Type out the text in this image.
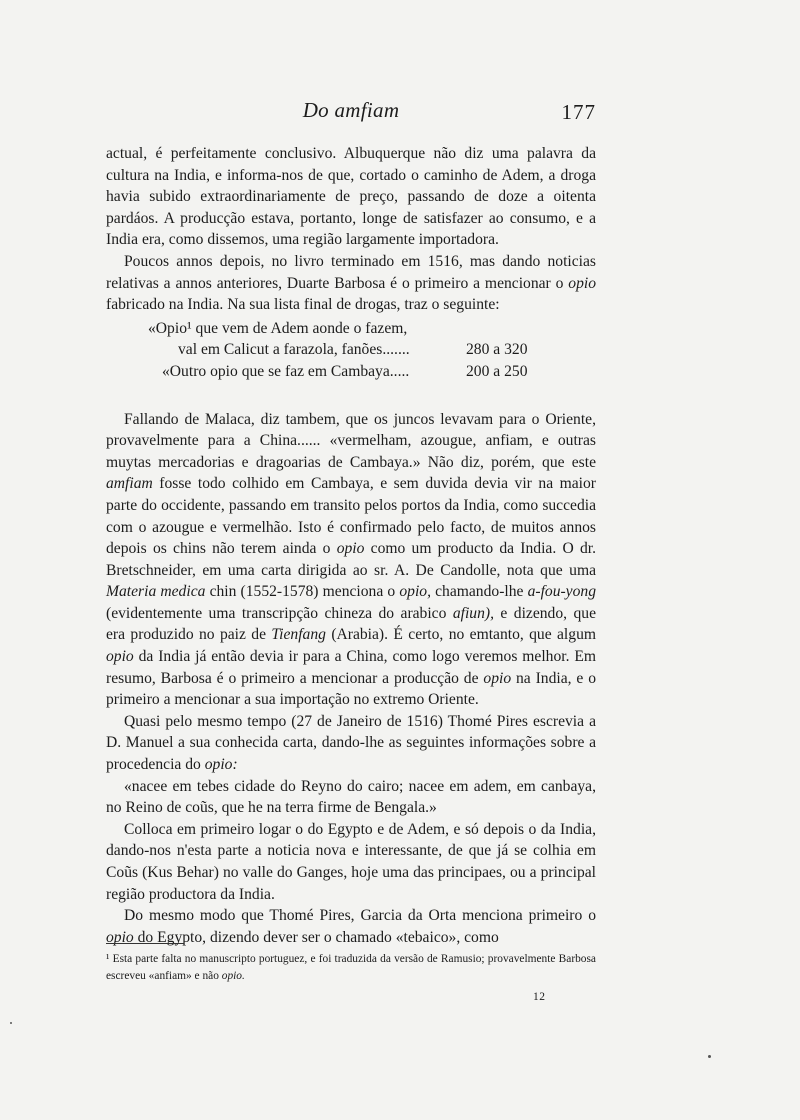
Do amfiam	177

actual, é perfeitamente conclusivo. Albuquerque não diz uma palavra da cultura na India, e informa-nos de que, cortado o caminho de Adem, a droga havia subido extraordinariamente de preço, passando de doze a oitenta pardáos. A producção estava, portanto, longe de satisfazer ao consumo, e a India era, como dissemos, uma região largamente importadora.

Poucos annos depois, no livro terminado em 1516, mas dando noticias relativas a annos anteriores, Duarte Barbosa é o primeiro a mencionar o opio fabricado na India. Na sua lista final de drogas, traz o seguinte:

«Opio¹ que vem de Adem aonde o fazem,
val em Calicut a farazola, fanões.......	280 a 320
«Outro opio que se faz em Cambaya.....	200 a 250

Fallando de Malaca, diz tambem, que os juncos levavam para o Oriente, provavelmente para a China...... «vermelham, azougue, anfiam, e outras muytas mercadorias e dragoarias de Cambaya.» Não diz, porém, que este amfiam fosse todo colhido em Cambaya, e sem duvida devia vir na maior parte do occidente, passando em transito pelos portos da India, como succedia com o azougue e vermelhão. Isto é confirmado pelo facto, de muitos annos depois os chins não terem ainda o opio como um producto da India. O dr. Bretschneider, em uma carta dirigida ao sr. A. De Candolle, nota que uma Materia medica chin (1552-1578) menciona o opio, chamando-lhe a-fou-yong (evidentemente uma transcripção chineza do arabico afiun), e dizendo, que era produzido no paiz de Tienfang (Arabia). É certo, no emtanto, que algum opio da India já então devia ir para a China, como logo veremos melhor. Em resumo, Barbosa é o primeiro a mencionar a producção de opio na India, e o primeiro a mencionar a sua importação no extremo Oriente.

Quasi pelo mesmo tempo (27 de Janeiro de 1516) Thomé Pires escrevia a D. Manuel a sua conhecida carta, dando-lhe as seguintes informações sobre a procedencia do opio:

«nacee em tebes cidade do Reyno do cairo; nacee em adem, em canbaya, no Reino de coũs, que he na terra firme de Bengala.»

Colloca em primeiro logar o do Egypto e de Adem, e só depois o da India, dando-nos n'esta parte a noticia nova e interessante, de que já se colhia em Coũs (Kus Behar) no valle do Ganges, hoje uma das principaes, ou a principal região productora da India.

Do mesmo modo que Thomé Pires, Garcia da Orta menciona primeiro o opio do Egypto, dizendo dever ser o chamado «tebaico», como

¹ Esta parte falta no manuscripto portuguez, e foi traduzida da versão de Ramusio; provavelmente Barbosa escreveu «anfiam» e não opio.
12
